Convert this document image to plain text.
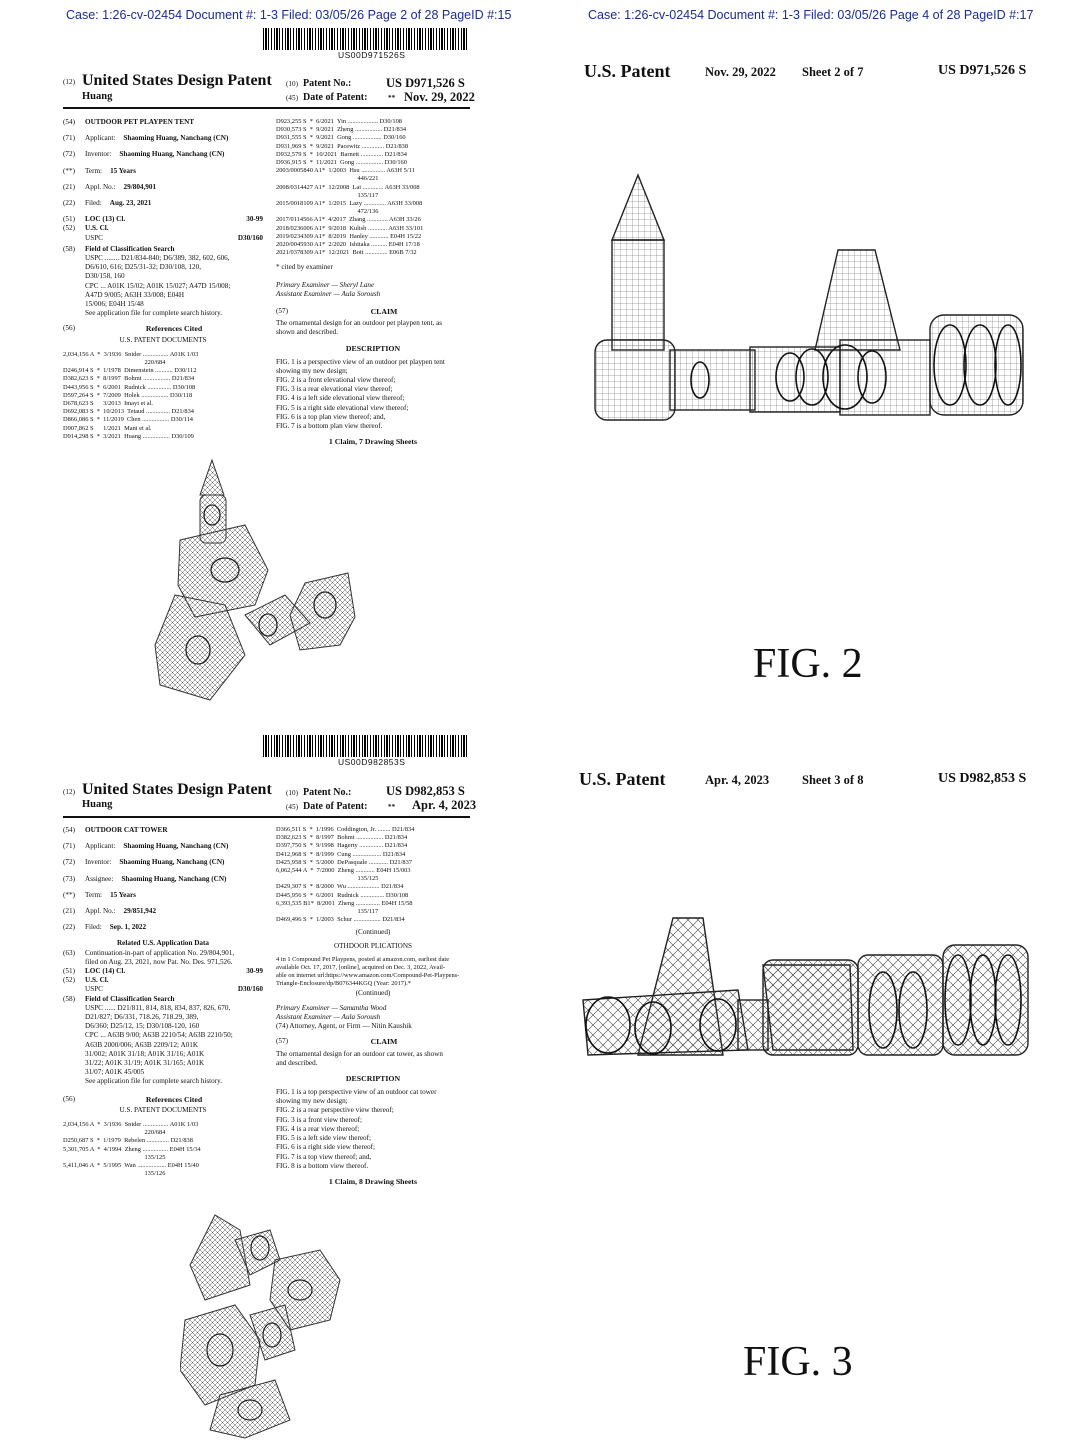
Case: 1:26-cv-02454 Document #: 1-3 Filed: 03/05/26 Page 2 of 28 PageID #:15
US00D971526S
(12) United States Design Patent
Huang
(10) Patent No.:	US D971,526 S
(45) Date of Patent:	** Nov. 29, 2022
(54)	OUTDOOR PET PLAYPEN TENT
(71)	Applicant: Shaoming Huang, Nanchang (CN)
(72)	Inventor: Shaoming Huang, Nanchang (CN)
(**)	Term: 15 Years
(21)	Appl. No.: 29/804,901
(22)	Filed: Aug. 23, 2021
(51)	LOC (13) Cl.	30-99
(52)	U.S. Cl.
USPC	D30/160
(58)	Field of Classification Search
USPC ........ D21/834-840; D6/389, 382, 602, 606,
D6/610, 616; D25/31-32; D30/108, 120,
D30/158, 160
CPC ... A01K 15/02; A01K 15/027; A47D 15/008;
A47D 9/005; A63H 33/008; E04H
15/006; E04H 15/48
See application file for complete search history.
(56)	References Cited
U.S. PATENT DOCUMENTS
2,034,156 A  *  3/1936  Snider ................ A01K 1/03
220/684
D246,914 S  *  1/1978  Dimenstein ........... D30/112
D382,623 S  *  8/1997  Bohmt ................. D21/834
D443,956 S  *  6/2001  Rudnick ............... D30/108
D597,264 S  *  7/2009  Holek ................. D30/118
D678,623 S      3/2013  Imayi et al.
D692,083 S  *  10/2013  Tetaud ............... D21/834
D866,086 S  *  11/2019  Chen ................. D30/114
D907,862 S      1/2021  Mani et al.
D914,298 S  *  3/2021  Huang ................. D30/109
D923,255 S  *  6/2021  Yin ................... D30/108
D930,573 S  *  9/2021  Zheng ................. D21/834
D931,555 S  *  9/2021  Gong .................. D30/160
D931,969 S  *  9/2021  Pacewitz .............. D21/838
D932,579 S  *  10/2021  Barnett .............. D21/834
D936,915 S  *  11/2021  Gong ................. D30/160
2003/0005840 A1*  1/2003  Hsu ............... A63H 5/11
446/221
2008/0314427 A1*  12/2008  Lai ............. A63H 33/008
135/117
2015/0018109 A1*  1/2015  Lazy .............. A63H 33/008
472/136
2017/0114566 A1*  4/2017  Zhang ............. A63H 33/26
2018/0236006 A1*  9/2018  Kulish ............ A63H 33/101
2019/0234309 A1*  8/2019  Hanley ............ E04H 15/22
2020/0045930 A1*  2/2020  Ishitaka .......... E04H 17/18
2021/0378309 A1*  12/2021  Bott .............. E06B 7/32
* cited by examiner
Primary Examiner — Sheryl Lane
Assistant Examiner — Aula Soroush
(57)	CLAIM
The ornamental design for an outdoor pet playpen tent, as
shown and described.
DESCRIPTION
FIG. 1 is a perspective view of an outdoor pet playpen tent
showing my new design;
FIG. 2 is a front elevational view thereof;
FIG. 3 is a rear elevational view thereof;
FIG. 4 is a left side elevational view thereof;
FIG. 5 is a right side elevational view thereof;
FIG. 6 is a top plan view thereof; and,
FIG. 7 is a bottom plan view thereof.
1 Claim, 7 Drawing Sheets
Case: 1:26-cv-02454 Document #: 1-3 Filed: 03/05/26 Page 4 of 28 PageID #:17
U.S. Patent	Nov. 29, 2022 Sheet 2 of 7	US D971,526 S
FIG. 2
US00D982853S
(12) United States Design Patent
Huang
(10) Patent No.:	US D982,853 S
(45) Date of Patent:	** Apr. 4, 2023
(54)	OUTDOOR CAT TOWER
(71)	Applicant: Shaoming Huang, Nanchang (CN)
(72)	Inventor: Shaoming Huang, Nanchang (CN)
(73)	Assignee: Shaoming Huang, Nanchang (CN)
(**)	Term: 15 Years
(21)	Appl. No.: 29/851,942
(22)	Filed: Sep. 1, 2022
Related U.S. Application Data
(63)	Continuation-in-part of application No. 29/804,901,
filed on Aug. 23, 2021, now Pat. No. Des. 971,526.
(51)	LOC (14) Cl.	30-99
(52)	U.S. Cl.
USPC	D30/160
(58)	Field of Classification Search
USPC ...... D21/811, 814, 818, 834, 837, 826, 670,
D21/827; D6/331, 718.26, 718.29, 389,
D6/360; D25/12, 15; D30/108-120, 160
CPC ... A63B 9/00; A63B 2210/54; A63B 2210/50;
A63B 2000/006; A63B 2209/12; A01K
31/002; A01K 31/18; A01K 31/16; A01K
31/22; A01K 31/19; A01K 31/165; A01K
31/07; A01K 45/005
See application file for complete search history.
(56)	References Cited
U.S. PATENT DOCUMENTS
2,034,156 A  *  3/1936  Snider ................ A01K 1/03
220/684
D250,687 S  *  1/1979  Rebelen .............. D21/838
5,301,705 A  *  4/1994  Zheng ................ E04H 15/34
135/125
5,411,046 A  *  5/1995  Wan .................. E04H 15/40
135/126
D366,511 S  *  1/1996  Coddington, Jr. ........ D21/834
D382,623 S  *  8/1997  Bohmt ................. D21/834
D397,750 S  *  9/1998  Hagerty ............... D21/834
D412,968 S  *  8/1999  Cung .................. D21/834
D425,958 S  *  5/2000  DePasquale ............ D21/837
6,062,544 A  *  7/2000  Zheng ............ E04H 15/003
135/125
D429,307 S  *  8/2000  Wu .................... D21/834
D445,956 S  *  6/2001  Rudnick ............... D30/108
6,393,535 B1*  8/2001  Zheng ............... E04H 15/58
135/117
D469,496 S  *  1/2003  Schur ................. D21/834
(Continued)
OTHDOOR PLICATIONS
4 in 1 Compound Pet Playpens, posted at amazon.com, earliest date
available Oct. 17, 2017, [online], acquired on Dec. 3, 2022, Avail-
able on internet url:https://www.amazon.com/Compound-Pet-Playpens-
Triangle-Enclosure/dp/B076344KGQ (Year: 2017).*
(Continued)
Primary Examiner — Samantha Wood
Assistant Examiner — Aula Soroush
(74) Attorney, Agent, or Firm — Nitin Kaushik
(57)	CLAIM
The ornamental design for an outdoor cat tower, as shown
and described.
DESCRIPTION
FIG. 1 is a top perspective view of an outdoor cat tower
showing my new design;
FIG. 2 is a rear perspective view thereof;
FIG. 3 is a front view thereof;
FIG. 4 is a rear view thereof;
FIG. 5 is a left side view thereof;
FIG. 6 is a right side view thereof;
FIG. 7 is a top view thereof; and,
FIG. 8 is a bottom view thereof.
1 Claim, 8 Drawing Sheets
U.S. Patent	Apr. 4, 2023	Sheet 3 of 8	US D982,853 S
FIG. 3
